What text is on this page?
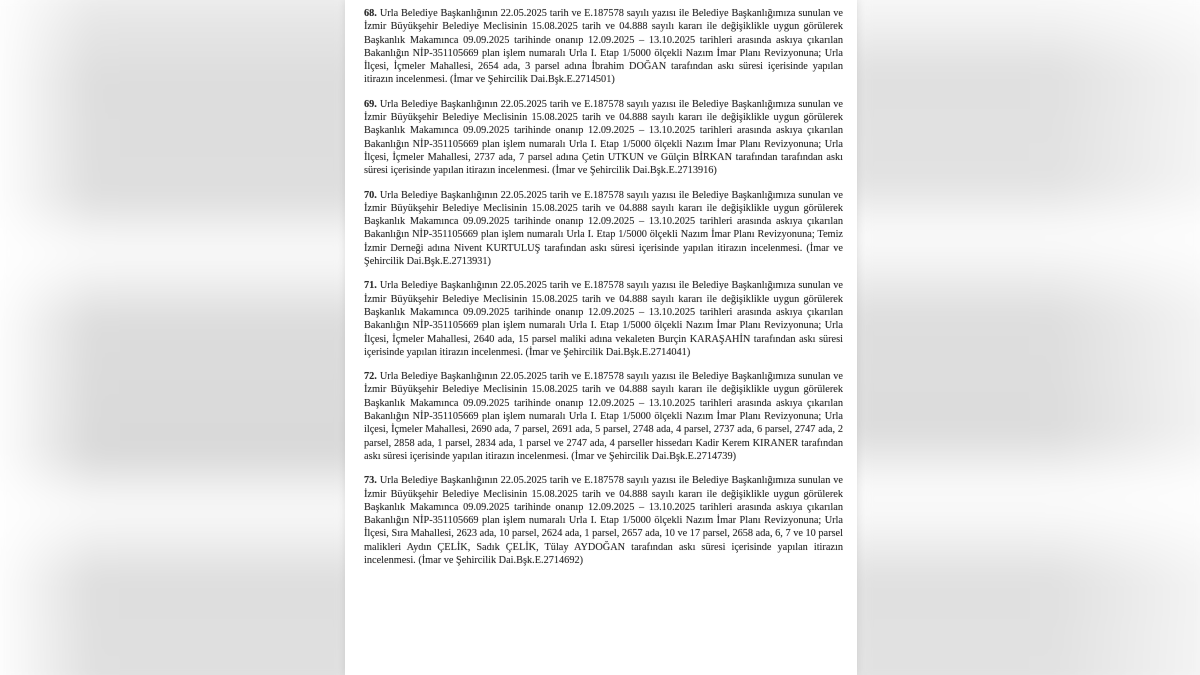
68. Urla Belediye Başkanlığının 22.05.2025 tarih ve E.187578 sayılı yazısı ile Belediye Başkanlığımıza sunulan ve İzmir Büyükşehir Belediye Meclisinin 15.08.2025 tarih ve 04.888 sayılı kararı ile değişiklikle uygun görülerek Başkanlık Makamınca 09.09.2025 tarihinde onanıp 12.09.2025 – 13.10.2025 tarihleri arasında askıya çıkarılan Bakanlığın NİP-351105669 plan işlem numaralı Urla I. Etap 1/5000 ölçekli Nazım İmar Planı Revizyonuna; Urla İlçesi, İçmeler Mahallesi, 2654 ada, 3 parsel adına İbrahim DOĞAN tarafından askı süresi içerisinde yapılan itirazın incelenmesi. (İmar ve Şehircilik Dai.Bşk.E.2714501)

69. Urla Belediye Başkanlığının 22.05.2025 tarih ve E.187578 sayılı yazısı ile Belediye Başkanlığımıza sunulan ve İzmir Büyükşehir Belediye Meclisinin 15.08.2025 tarih ve 04.888 sayılı kararı ile değişiklikle uygun görülerek Başkanlık Makamınca 09.09.2025 tarihinde onanıp 12.09.2025 – 13.10.2025 tarihleri arasında askıya çıkarılan Bakanlığın NİP-351105669 plan işlem numaralı Urla I. Etap 1/5000 ölçekli Nazım İmar Planı Revizyonuna; Urla İlçesi, İçmeler Mahallesi, 2737 ada, 7 parsel adına Çetin UTKUN ve Gülçin BİRKAN tarafından tarafından askı süresi içerisinde yapılan itirazın incelenmesi. (İmar ve Şehircilik Dai.Bşk.E.2713916)

70. Urla Belediye Başkanlığının 22.05.2025 tarih ve E.187578 sayılı yazısı ile Belediye Başkanlığımıza sunulan ve İzmir Büyükşehir Belediye Meclisinin 15.08.2025 tarih ve 04.888 sayılı kararı ile değişiklikle uygun görülerek Başkanlık Makamınca 09.09.2025 tarihinde onanıp 12.09.2025 – 13.10.2025 tarihleri arasında askıya çıkarılan Bakanlığın NİP-351105669 plan işlem numaralı Urla I. Etap 1/5000 ölçekli Nazım İmar Planı Revizyonuna; Temiz İzmir Derneği adına Nivent KURTULUŞ tarafından askı süresi içerisinde yapılan itirazın incelenmesi. (İmar ve Şehircilik Dai.Bşk.E.2713931)

71. Urla Belediye Başkanlığının 22.05.2025 tarih ve E.187578 sayılı yazısı ile Belediye Başkanlığımıza sunulan ve İzmir Büyükşehir Belediye Meclisinin 15.08.2025 tarih ve 04.888 sayılı kararı ile değişiklikle uygun görülerek Başkanlık Makamınca 09.09.2025 tarihinde onanıp 12.09.2025 – 13.10.2025 tarihleri arasında askıya çıkarılan Bakanlığın NİP-351105669 plan işlem numaralı Urla I. Etap 1/5000 ölçekli Nazım İmar Planı Revizyonuna; Urla İlçesi, İçmeler Mahallesi, 2640 ada, 15 parsel maliki adına vekaleten Burçin KARAŞAHİN tarafından askı süresi içerisinde yapılan itirazın incelenmesi. (İmar ve Şehircilik Dai.Bşk.E.2714041)

72. Urla Belediye Başkanlığının 22.05.2025 tarih ve E.187578 sayılı yazısı ile Belediye Başkanlığımıza sunulan ve İzmir Büyükşehir Belediye Meclisinin 15.08.2025 tarih ve 04.888 sayılı kararı ile değişiklikle uygun görülerek Başkanlık Makamınca 09.09.2025 tarihinde onanıp 12.09.2025 – 13.10.2025 tarihleri arasında askıya çıkarılan Bakanlığın NİP-351105669 plan işlem numaralı Urla I. Etap 1/5000 ölçekli Nazım İmar Planı Revizyonuna; Urla ilçesi, İçmeler Mahallesi, 2690 ada, 7 parsel, 2691 ada, 5 parsel, 2748 ada, 4 parsel, 2737 ada, 6 parsel, 2747 ada, 2 parsel, 2858 ada, 1 parsel, 2834 ada, 1 parsel ve 2747 ada, 4 parseller hissedarı Kadir Kerem KIRANER tarafından askı süresi içerisinde yapılan itirazın incelenmesi. (İmar ve Şehircilik Dai.Bşk.E.2714739)

73. Urla Belediye Başkanlığının 22.05.2025 tarih ve E.187578 sayılı yazısı ile Belediye Başkanlığımıza sunulan ve İzmir Büyükşehir Belediye Meclisinin 15.08.2025 tarih ve 04.888 sayılı kararı ile değişiklikle uygun görülerek Başkanlık Makamınca 09.09.2025 tarihinde onanıp 12.09.2025 – 13.10.2025 tarihleri arasında askıya çıkarılan Bakanlığın NİP-351105669 plan işlem numaralı Urla I. Etap 1/5000 ölçekli Nazım İmar Planı Revizyonuna; Urla İlçesi, Sıra Mahallesi, 2623 ada, 10 parsel, 2624 ada, 1 parsel, 2657 ada, 10 ve 17 parsel, 2658 ada, 6, 7 ve 10 parsel malikleri Aydın ÇELİK, Sadık ÇELİK, Tülay AYDOĞAN tarafından askı süresi içerisinde yapılan itirazın incelenmesi. (İmar ve Şehircilik Dai.Bşk.E.2714692)
